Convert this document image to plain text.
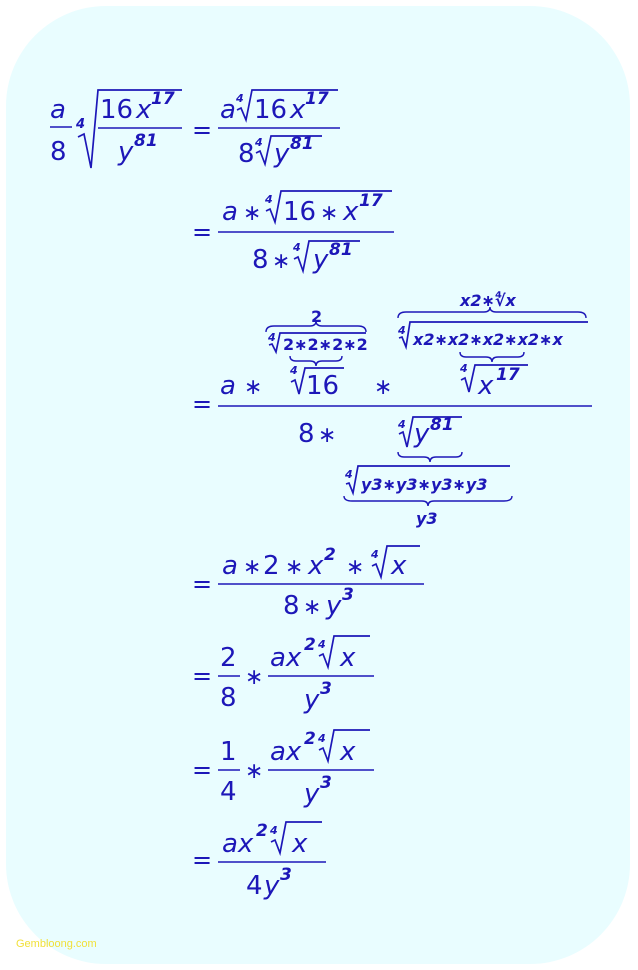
a
8
4 16 x 17
y 81 =
a 4 16 x 17
8 4 y 81
=
a ∗
4 16 ∗ x 17
8 ∗
4 y 81
=
a ∗
2
4 2∗2∗2∗2
4
16 ∗
x2∗∜x
4 x2∗x2∗x2∗x2∗x
4
x 17
8 ∗	4 y 81
4
y3∗y3∗y3∗y3
y3
=
a ∗ 2 ∗ x 2 ∗
4 x
8 ∗ y 3
=
2
8
∗
ax 2 4 x
y 3
=
1
4
∗
ax 2 4 x
y 3
=
ax 2 4 x
4 y 3
Gembloong.com
